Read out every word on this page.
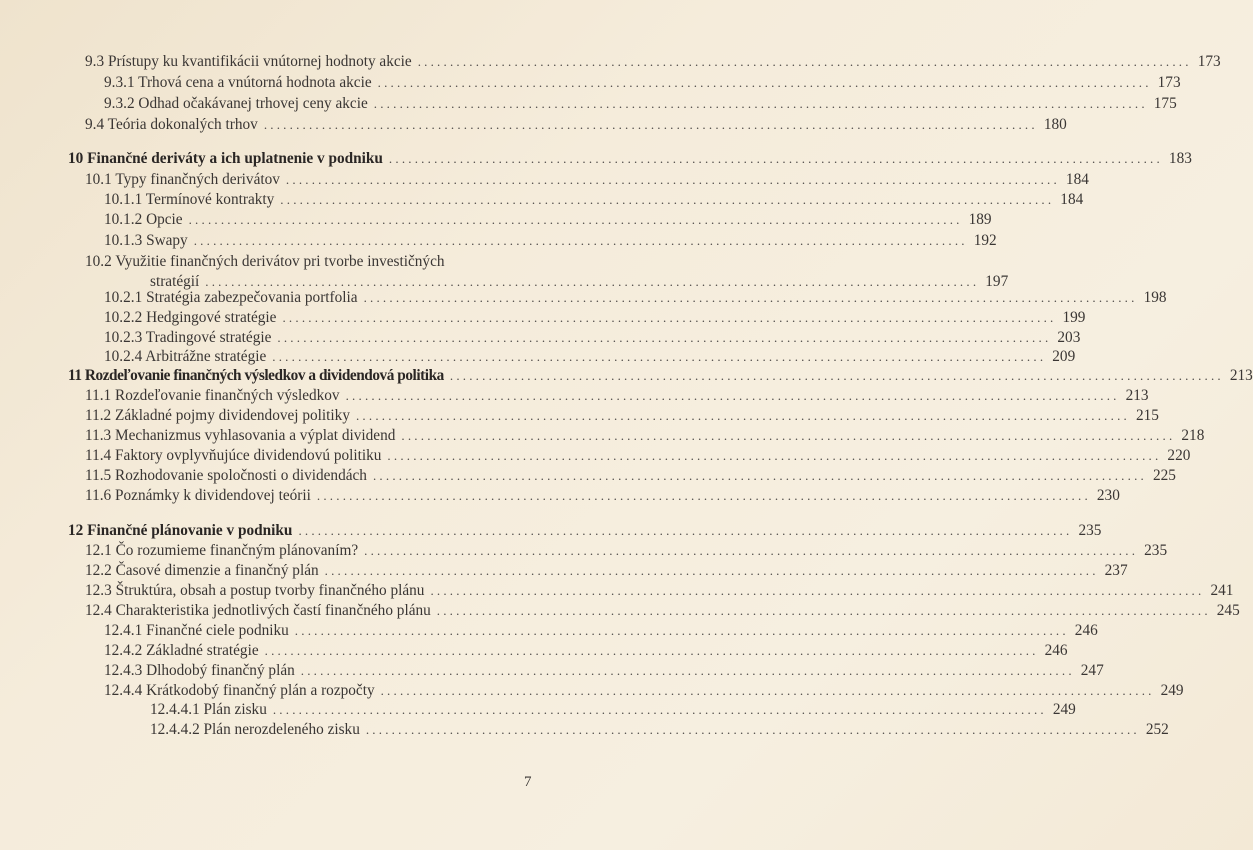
9.3 Prístupy ku kvantifikácii vnútornej hodnoty akcie ........................................................................................................................ 173
9.3.1 Trhová cena a vnútorná hodnota akcie ........................................................................................................................ 173
9.3.2 Odhad očakávanej trhovej ceny akcie ........................................................................................................................ 175
9.4 Teória dokonalých trhov ........................................................................................................................ 180
10 Finančné deriváty a ich uplatnenie v podniku ........................................................................................................................ 183
10.1 Typy finančných derivátov ........................................................................................................................ 184
10.1.1 Termínové kontrakty ........................................................................................................................ 184
10.1.2 Opcie ........................................................................................................................ 189
10.1.3 Swapy ........................................................................................................................ 192
10.2 Využitie finančných derivátov pri tvorbe investičných
stratégií ........................................................................................................................ 197
10.2.1 Stratégia zabezpečovania portfolia ........................................................................................................................ 198
10.2.2 Hedgingové stratégie ........................................................................................................................ 199
10.2.3 Tradingové stratégie ........................................................................................................................ 203
10.2.4 Arbitrážne stratégie ........................................................................................................................ 209
11 Rozdeľovanie finančných výsledkov a dividendová politika ........................................................................................................................ 213
11.1 Rozdeľovanie finančných výsledkov ........................................................................................................................ 213
11.2 Základné pojmy dividendovej politiky ........................................................................................................................ 215
11.3 Mechanizmus vyhlasovania a výplat dividend ........................................................................................................................ 218
11.4 Faktory ovplyvňujúce dividendovú politiku ........................................................................................................................ 220
11.5 Rozhodovanie spoločnosti o dividendách ........................................................................................................................ 225
11.6 Poznámky k dividendovej teórii ........................................................................................................................ 230
12 Finančné plánovanie v podniku ........................................................................................................................ 235
12.1 Čo rozumieme finančným plánovaním? ........................................................................................................................ 235
12.2 Časové dimenzie a finančný plán ........................................................................................................................ 237
12.3 Štruktúra, obsah a postup tvorby finančného plánu ........................................................................................................................ 241
12.4 Charakteristika jednotlivých častí finančného plánu ........................................................................................................................ 245
12.4.1 Finančné ciele podniku ........................................................................................................................ 246
12.4.2 Základné stratégie ........................................................................................................................ 246
12.4.3 Dlhodobý finančný plán ........................................................................................................................ 247
12.4.4 Krátkodobý finančný plán a rozpočty ........................................................................................................................ 249
12.4.4.1 Plán zisku ........................................................................................................................ 249
12.4.4.2 Plán nerozdeleného zisku ........................................................................................................................ 252
7
